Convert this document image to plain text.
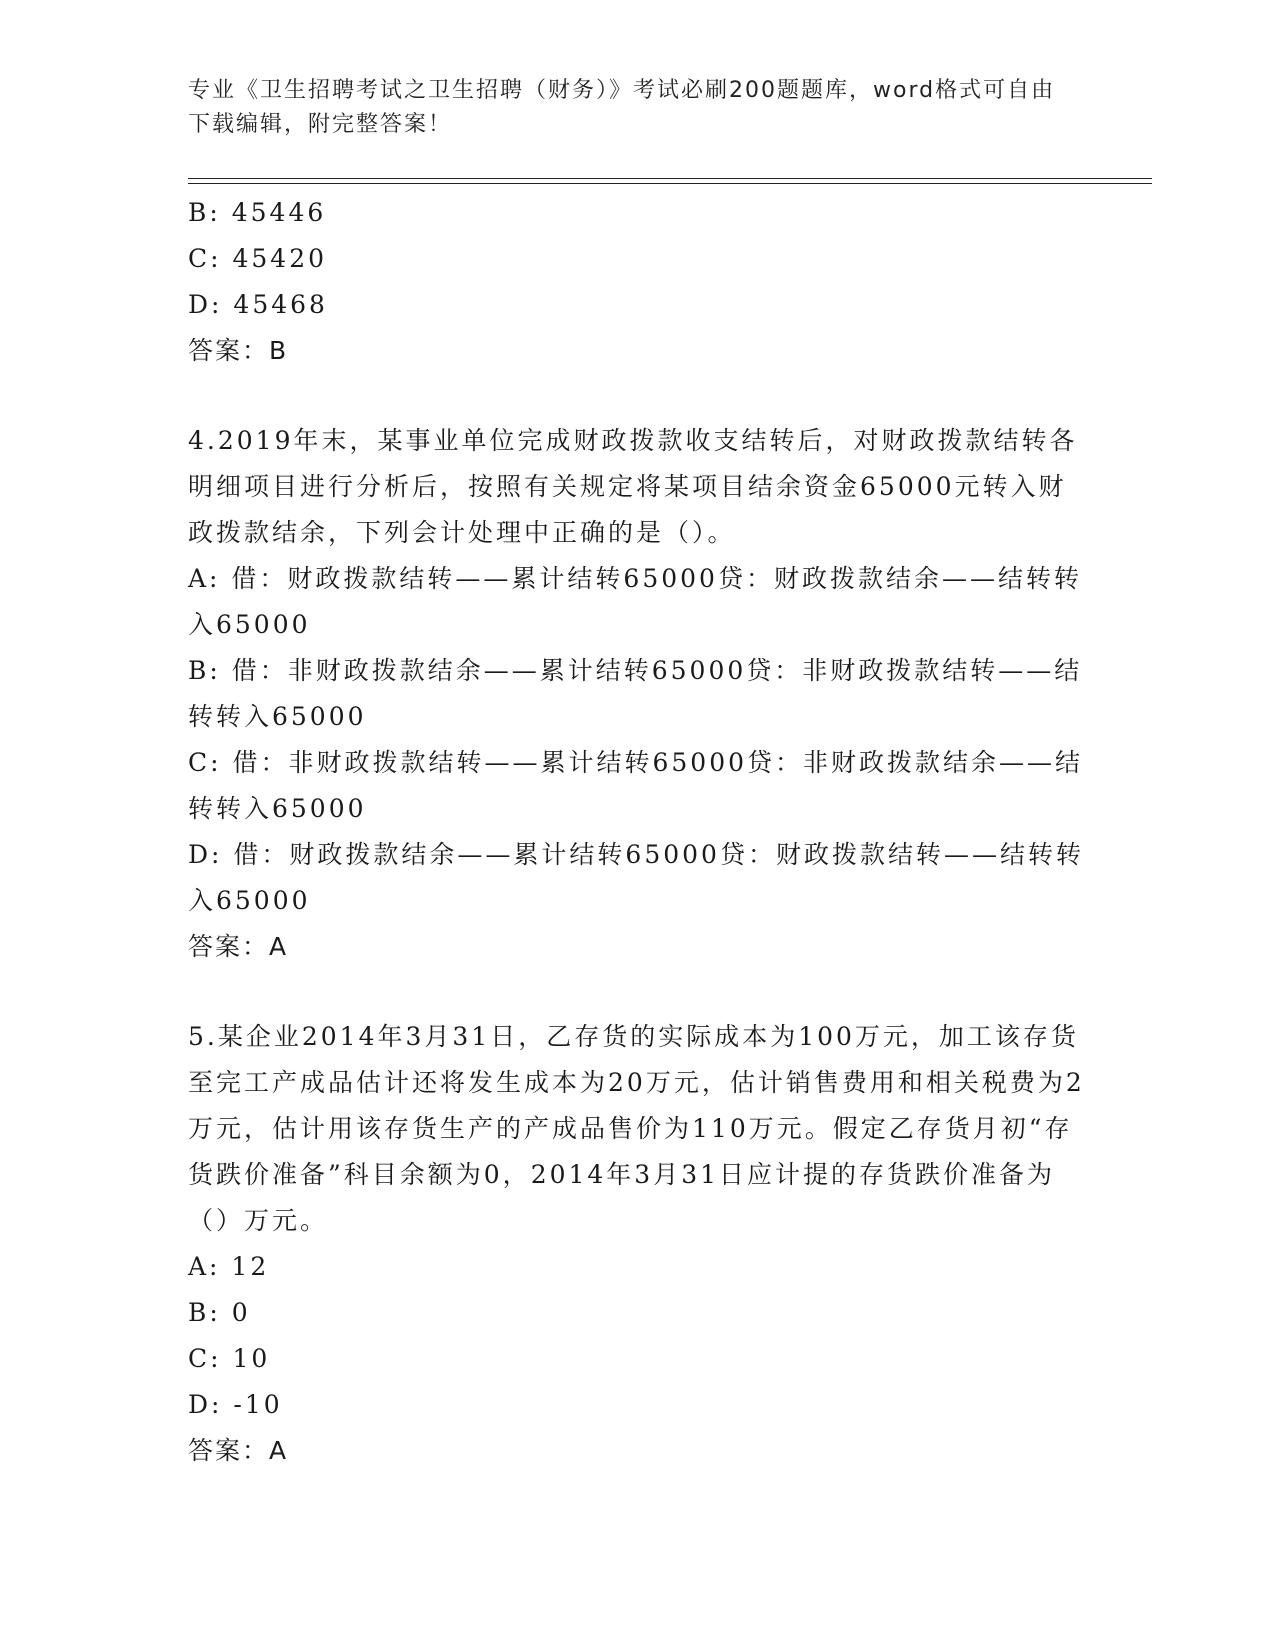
专业《卫生招聘考试之卫生招聘（财务）》考试必刷200题题库，word格式可自由下载编辑，附完整答案！

B: 45446

C: 45420

D: 45468

答案：B

4.2019年末，某事业单位完成财政拨款收支结转后，对财政拨款结转各明细项目进行分析后，按照有关规定将某项目结余资金65000元转入财政拨款结余，下列会计处理中正确的是（）。

A: 借：财政拨款结转——累计结转65000贷：财政拨款结余——结转转入65000

B: 借：非财政拨款结余——累计结转65000贷：非财政拨款结转——结转转入65000

C: 借：非财政拨款结转——累计结转65000贷：非财政拨款结余——结转转入65000

D: 借：财政拨款结余——累计结转65000贷：财政拨款结转——结转转入65000

答案：A

5.某企业2014年3月31日，乙存货的实际成本为100万元，加工该存货至完工产成品估计还将发生成本为20万元，估计销售费用和相关税费为2万元，估计用该存货生产的产成品售价为110万元。假定乙存货月初“存货跌价准备”科目余额为0，2014年3月31日应计提的存货跌价准备为（）万元。

A: 12

B: 0

C: 10

D: -10

答案：A
